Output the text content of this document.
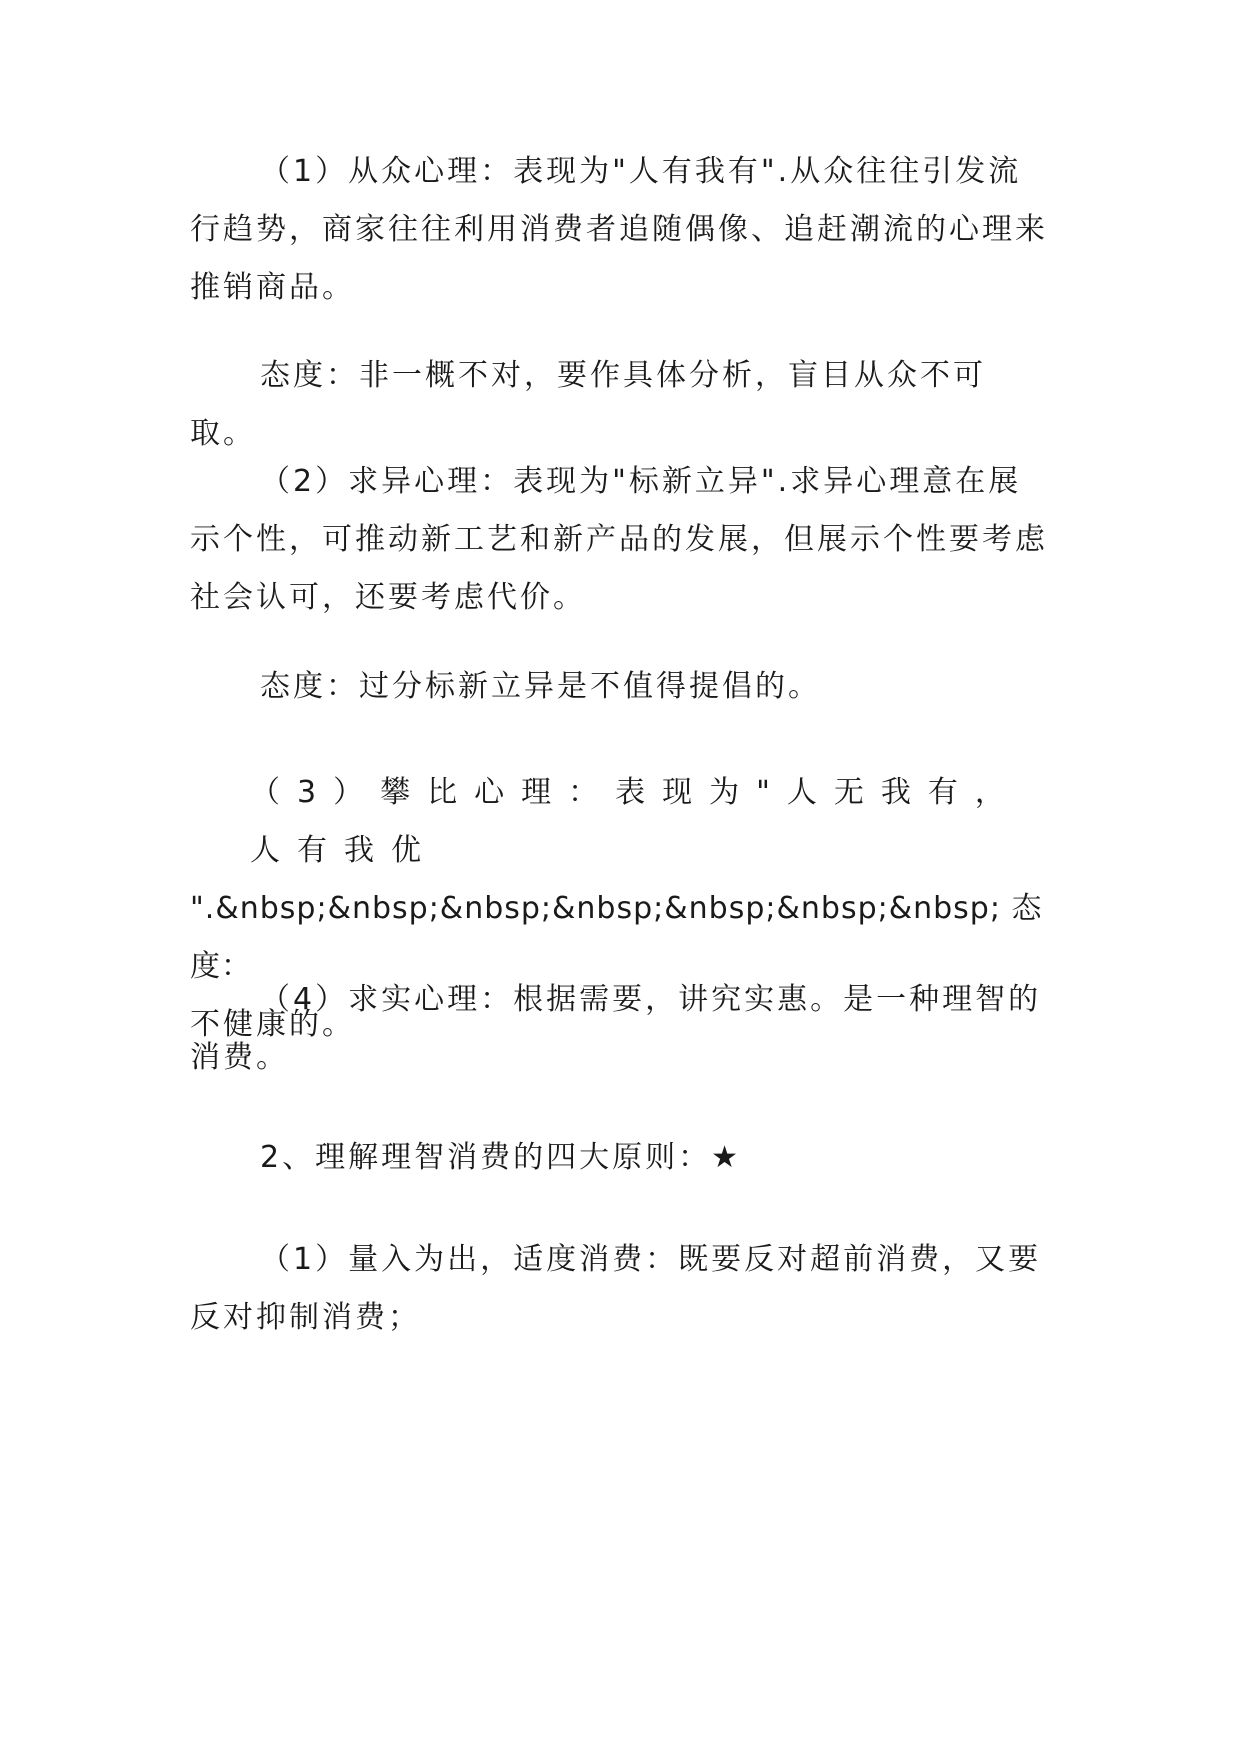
（1）从众心理：表现为"人有我有".从众往往引发流行趋势，商家往往利用消费者追随偶像、追赶潮流的心理来推销商品。

态度：非一概不对，要作具体分析，盲目从众不可取。

（2）求异心理：表现为"标新立异".求异心理意在展示个性，可推动新工艺和新产品的发展，但展示个性要考虑社会认可，还要考虑代价。

态度：过分标新立异是不值得提倡的。

（3）攀比心理：表现为"人无我有，人有我优
".&nbsp;&nbsp;&nbsp;&nbsp;&nbsp;&nbsp;&nbsp; 态度：
不健康的。

（4）求实心理：根据需要，讲究实惠。是一种理智的消费。

2、理解理智消费的四大原则：★

（1）量入为出，适度消费：既要反对超前消费，又要反对抑制消费；
